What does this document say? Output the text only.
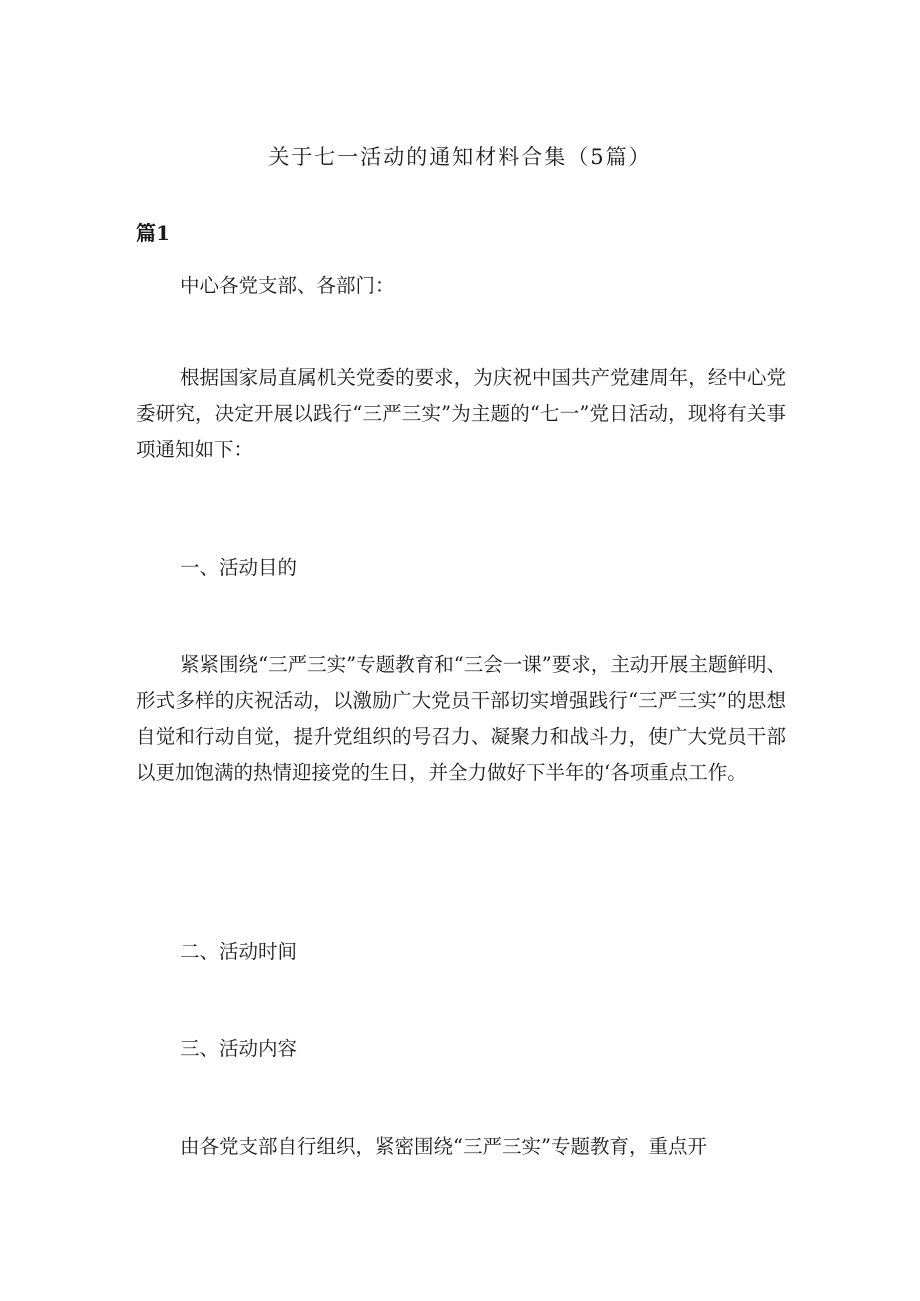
关于七一活动的通知材料合集（5篇）
篇1

中心各党支部、各部门：

根据国家局直属机关党委的要求，为庆祝中国共产党建周年，经中心党委研究，决定开展以践行“三严三实”为主题的“七一”党日活动，现将有关事项通知如下：

一、活动目的

紧紧围绕“三严三实”专题教育和“三会一课”要求，主动开展主题鲜明、形式多样的庆祝活动，以激励广大党员干部切实增强践行“三严三实”的思想自觉和行动自觉，提升党组织的号召力、凝聚力和战斗力，使广大党员干部以更加饱满的热情迎接党的生日，并全力做好下半年的‘各项重点工作。

二、活动时间
三、活动内容

由各党支部自行组织，紧密围绕“三严三实”专题教育，重点开
